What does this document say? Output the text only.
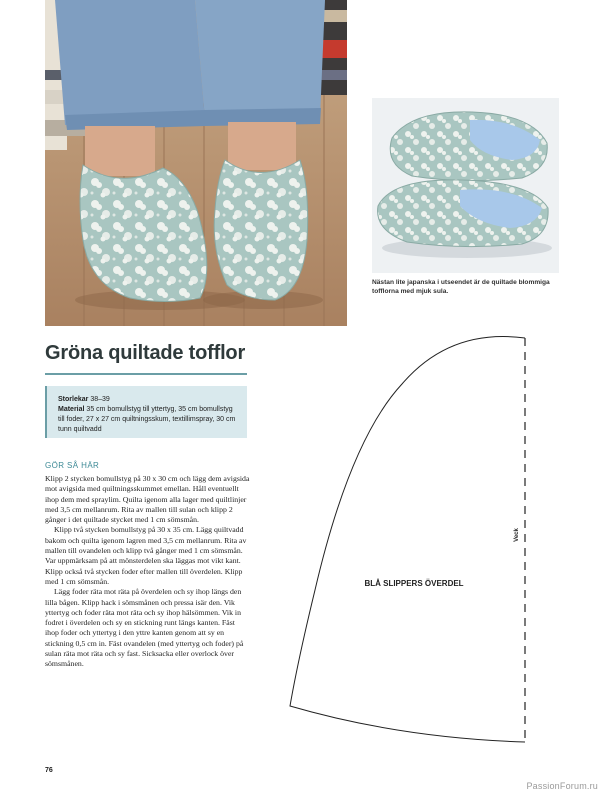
Nästan lite japanska i utseendet är de quiltade blommiga tofflorna med mjuk sula.

Gröna quiltade tofflor

Storlekar 38–39

Material 35 cm bomullstyg till yttertyg, 35 cm bomullstyg till foder, 27 x 27 cm quiltningsskum, textillimspray, 30 cm tunn quiltvadd

GÖR SÅ HÄR

Klipp 2 stycken bomullstyg på 30 x 30 cm och lägg dem avigsida mot avigsida med quiltningsskummet emellan. Håll eventuellt ihop dem med spraylim. Quilta igenom alla lager med quiltlinjer med 3,5 cm mellanrum. Rita av mallen till sulan och klipp 2 gånger i det quiltade stycket med 1 cm sömsmån.

Klipp två stycken bomullstyg på 30 x 35 cm. Lägg quiltvadd bakom och quilta igenom lagren med 3,5 cm mellanrum. Rita av mallen till ovandelen och klipp två gånger med 1 cm sömsmån. Var uppmärksam på att mönsterdelen ska läggas mot vikt kant. Klipp också två stycken foder efter mallen till överdelen. Klipp med 1 cm sömsmån.

Lägg foder räta mot räta på överdelen och sy ihop längs den lilla bågen. Klipp hack i sömsmånen och pressa isär den. Vik yttertyg och foder räta mot räta och sy ihop hälsömmen. Vik in fodret i överdelen och sy en stickning runt längs kanten. Fäst ihop foder och yttertyg i den yttre kanten genom att sy en stickning 0,5 cm in. Fäst ovandelen (med yttertyg och foder) på sulan räta mot räta och sy fast. Sicksacka eller overlock över sömsmånen.

BLÅ SLIPPERS ÖVERDEL
Veck
76
PassionForum.ru
